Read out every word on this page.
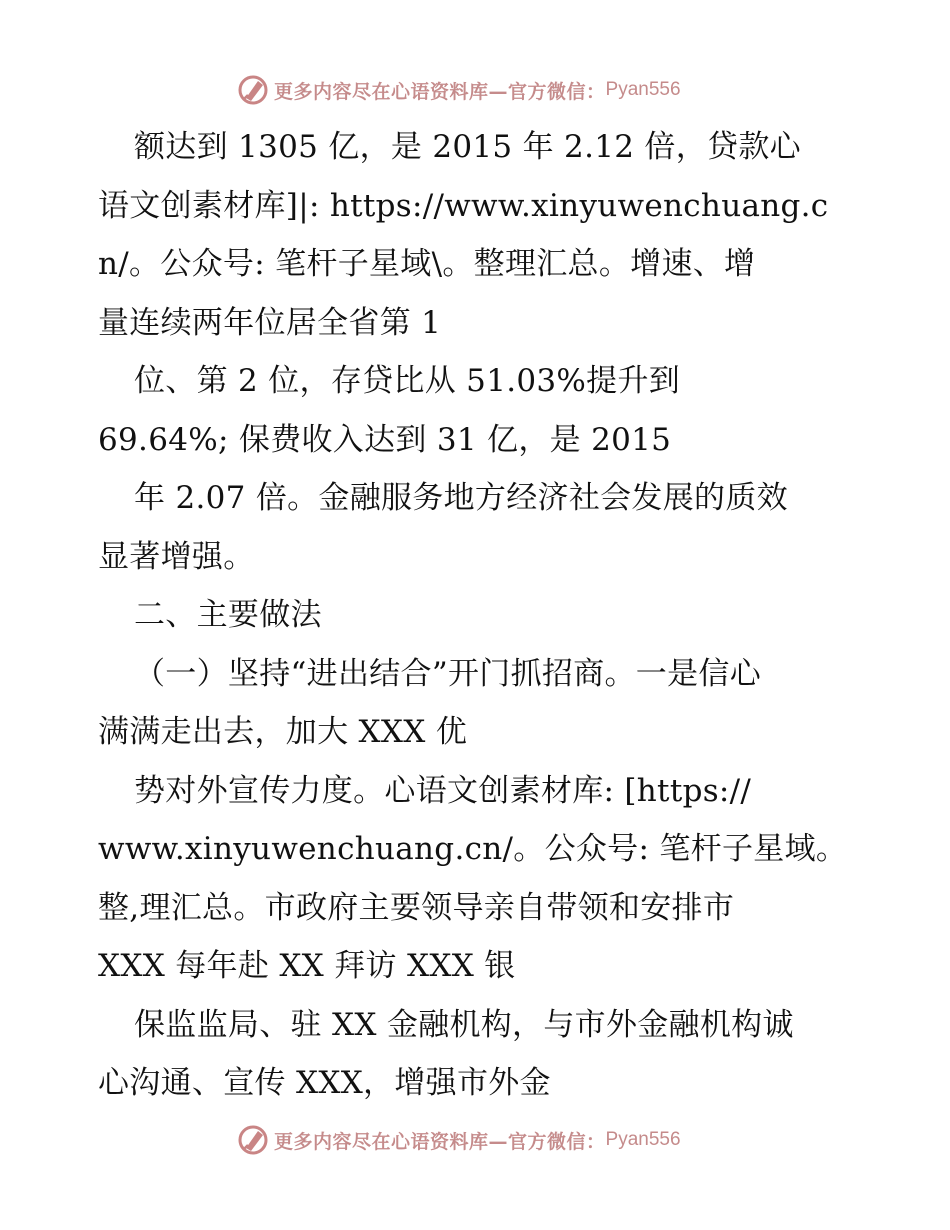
更多内容尽在心语资料库—官方微信： Pyan556
额达到 1305 亿，是 2015 年 2.12 倍，贷款心
语文创素材库]|: https://www.xinyuwenchuang.c
n/。公众号: 笔杆子星域\。整理汇总。增速、增
量连续两年位居全省第 1
位、第 2 位，存贷比从 51.03%提升到
69.64%; 保费收入达到 31 亿，是 2015
年 2.07 倍。金融服务地方经济社会发展的质效
显著增强。
二、主要做法
（一）坚持“进出结合”开门抓招商。一是信心
满满走出去，加大 XXX 优
势对外宣传力度。心语文创素材库: [https://
www.xinyuwenchuang.cn/。公众号: 笔杆子星域。
整,理汇总。市政府主要领导亲自带领和安排市
XXX 每年赴 XX 拜访 XXX 银
保监监局、驻 XX 金融机构，与市外金融机构诚
心沟通、宣传 XXX，增强市外金
更多内容尽在心语资料库—官方微信： Pyan556
